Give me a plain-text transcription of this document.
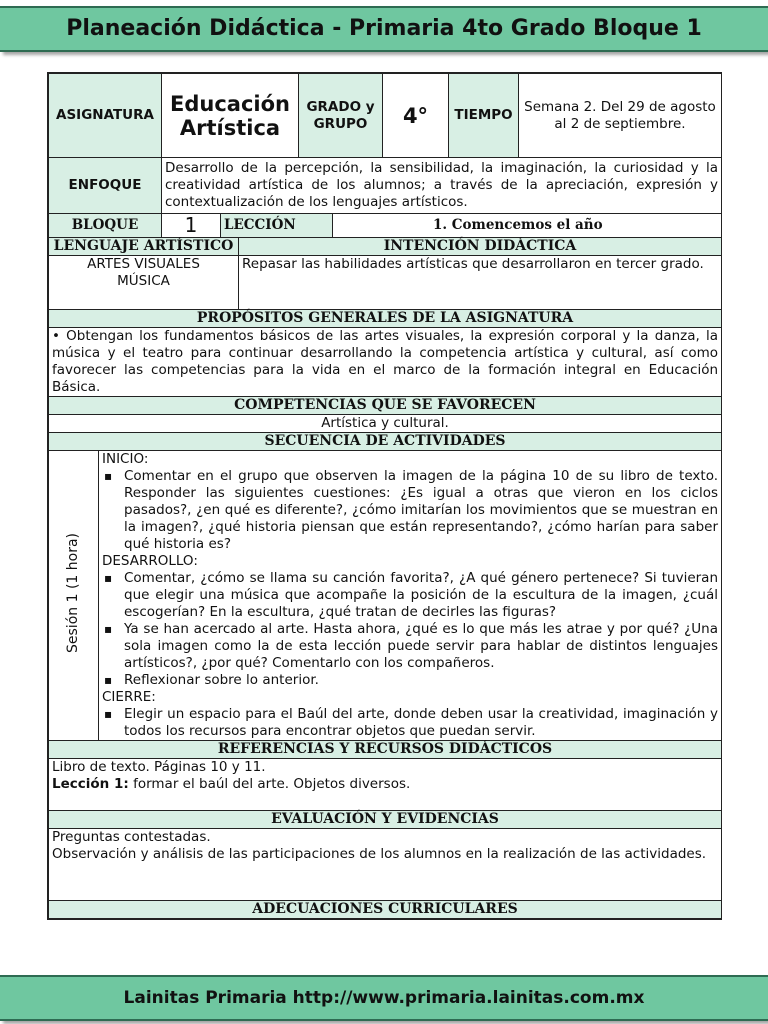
Planeación Didáctica - Primaria 4to Grado Bloque 1
ASIGNATURA	Educación Artística	GRADO y GRUPO	4°	TIEMPO	Semana 2. Del 29 de agosto al 2 de septiembre.
ENFOQUE	Desarrollo de la percepción, la sensibilidad, la imaginación, la curiosidad y la creatividad artística de los alumnos; a través de la apreciación, expresión y contextualización de los lenguajes artísticos.				
BLOQUE	1	LECCIÓN	1. Comencemos el año
LENGUAJE ARTÍSTICO	INTENCIÓN DIDÁCTICA

ARTES VISUALES
MÚSICA	Repasar las habilidades artísticas que desarrollaron en tercer grado.
PROPÓSITOS GENERALES DE LA ASIGNATURA
• Obtengan los fundamentos básicos de las artes visuales, la expresión corporal y la danza, la música y el teatro para continuar desarrollando la competencia artística y cultural, así como favorecer las competencias para la vida en el marco de la formación integral en Educación Básica.
COMPETENCIAS QUE SE FAVORECEN
Artística y cultural.
SECUENCIA DE ACTIVIDADES
Sesión 1 (1 hora)	
INICIO:
▪ Comentar en el grupo que observen la imagen de la página 10 de su libro de texto. Responder las siguientes cuestiones: ¿Es igual a otras que vieron en los ciclos pasados?, ¿en qué es diferente?, ¿cómo imitarían los movimientos que se muestran en la imagen?, ¿qué historia piensan que están representando?, ¿cómo harían para saber qué historia es?
DESARROLLO:
▪ Comentar, ¿cómo se llama su canción favorita?, ¿A qué género pertenece? Si tuvieran que elegir una música que acompañe la posición de la escultura de la imagen, ¿cuál escogerían? En la escultura, ¿qué tratan de decirles las figuras?
▪ Ya se han acercado al arte. Hasta ahora, ¿qué es lo que más les atrae y por qué? ¿Una sola imagen como la de esta lección puede servir para hablar de distintos lenguajes artísticos?, ¿por qué? Comentarlo con los compañeros.
▪ Reflexionar sobre lo anterior.
CIERRE:
▪ Elegir un espacio para el Baúl del arte, donde deben usar la creatividad, imaginación y todos los recursos para encontrar objetos que puedan servir.

REFERENCIAS Y RECURSOS DIDÁCTICOS

Libro de texto. Páginas 10 y 11.
Lección 1: formar el baúl del arte. Objetos diversos.

EVALUACIÓN Y EVIDENCIAS

Preguntas contestadas.
Observación y análisis de las participaciones de los alumnos en la realización de las actividades.

ADECUACIONES CURRICULARES
Lainitas Primaria http://www.primaria.lainitas.com.mx
